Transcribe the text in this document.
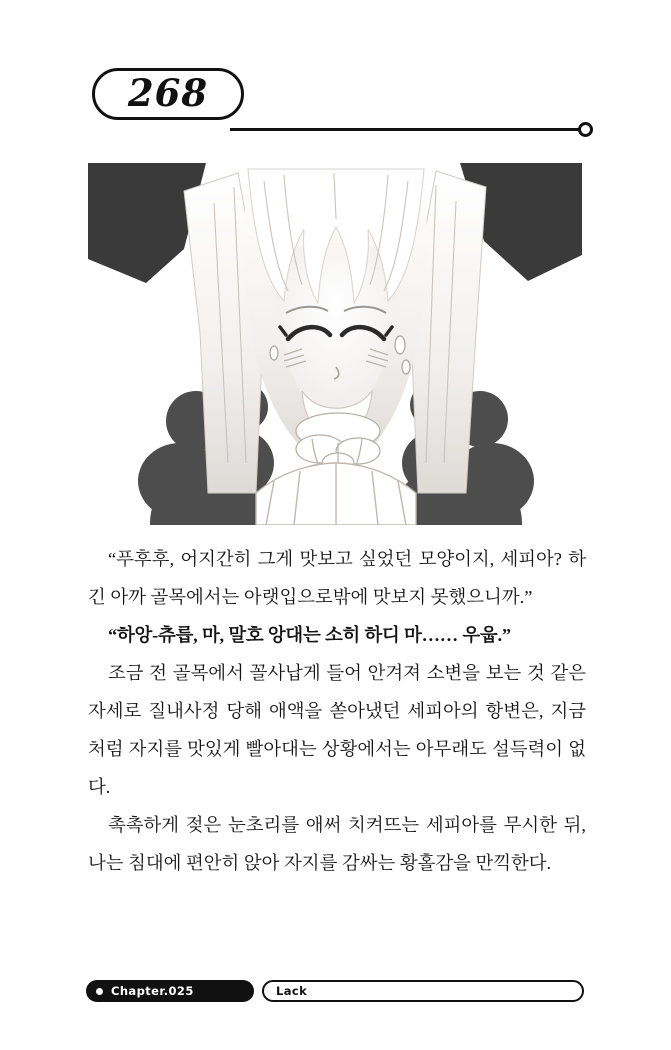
268

“푸후후, 어지간히 그게 맛보고 싶었던 모양이지, 세피아? 하긴 아까 골목에서는 아랫입으로밖에 맛보지 못했으니까.”

“하앙-츄릅, 마, 말호 앙대는 소히 하디 마…… 우웁.”

조금 전 골목에서 꼴사납게 들어 안겨져 소변을 보는 것 같은 자세로 질내사정 당해 애액을 쏟아냈던 세피아의 항변은, 지금처럼 자지를 맛있게 빨아대는 상황에서는 아무래도 설득력이 없다.

촉촉하게 젖은 눈초리를 애써 치켜뜨는 세피아를 무시한 뒤, 나는 침대에 편안히 앉아 자지를 감싸는 황홀감을 만끽한다.

Chapter.025	Lack
